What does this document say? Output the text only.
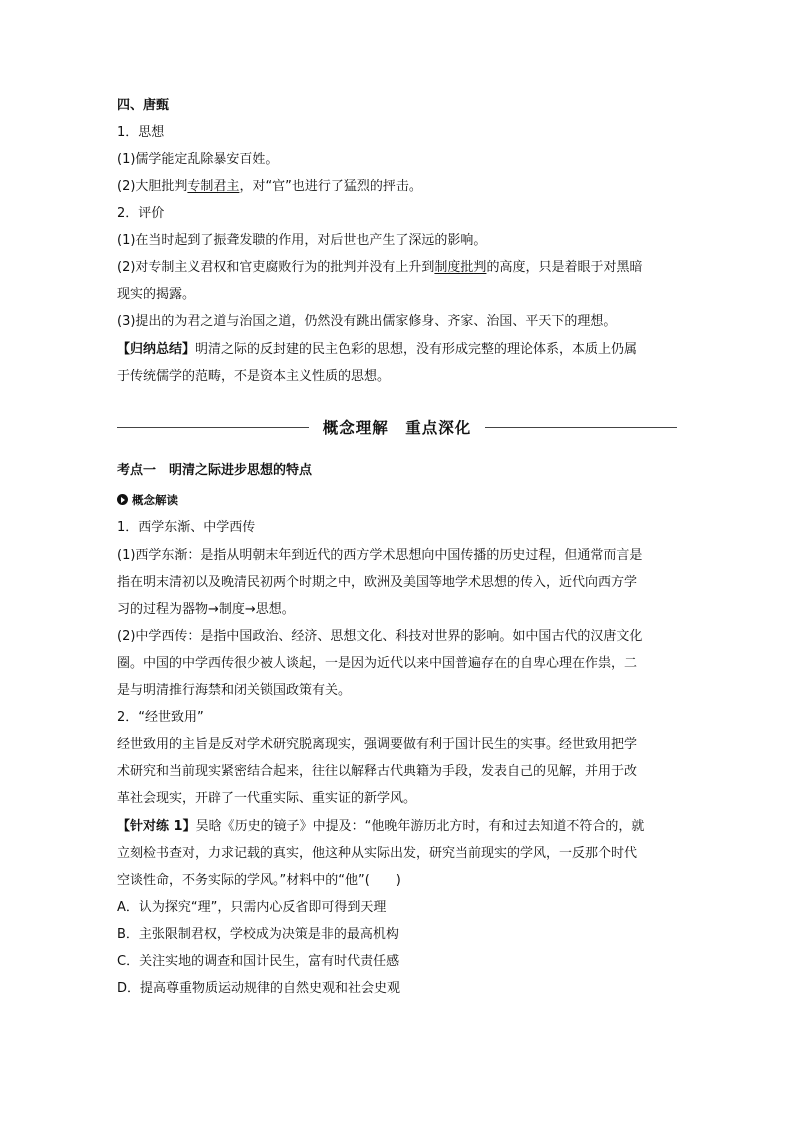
四、唐甄
1．思想
(1)儒学能定乱除暴安百姓。
(2)大胆批判专制君主，对“官”也进行了猛烈的抨击。
2．评价
(1)在当时起到了振聋发聩的作用，对后世也产生了深远的影响。
(2)对专制主义君权和官吏腐败行为的批判并没有上升到制度批判的高度，只是着眼于对黑暗
现实的揭露。
(3)提出的为君之道与治国之道，仍然没有跳出儒家修身、齐家、治国、平天下的理想。
【归纳总结】明清之际的反封建的民主色彩的思想，没有形成完整的理论体系，本质上仍属
于传统儒学的范畴，不是资本主义性质的思想。
概念理解　重点深化
考点一　明清之际进步思想的特点
概念解读
1．西学东渐、中学西传
(1)西学东渐：是指从明朝末年到近代的西方学术思想向中国传播的历史过程，但通常而言是
指在明末清初以及晚清民初两个时期之中，欧洲及美国等地学术思想的传入，近代向西方学
习的过程为器物→制度→思想。
(2)中学西传：是指中国政治、经济、思想文化、科技对世界的影响。如中国古代的汉唐文化
圈。中国的中学西传很少被人谈起，一是因为近代以来中国普遍存在的自卑心理在作祟，二
是与明清推行海禁和闭关锁国政策有关。
2．“经世致用”
经世致用的主旨是反对学术研究脱离现实，强调要做有利于国计民生的实事。经世致用把学
术研究和当前现实紧密结合起来，往往以解释古代典籍为手段，发表自己的见解，并用于改
革社会现实，开辟了一代重实际、重实证的新学风。
【针对练 1】吴晗《历史的镜子》中提及：“他晚年游历北方时，有和过去知道不符合的，就
立刻检书查对，力求记载的真实，他这种从实际出发，研究当前现实的学风，一反那个时代
空谈性命，不务实际的学风。”材料中的“他”(　　)
A．认为探究“理”，只需内心反省即可得到天理
B．主张限制君权，学校成为决策是非的最高机构
C．关注实地的调查和国计民生，富有时代责任感
D．提高尊重物质运动规律的自然史观和社会史观
